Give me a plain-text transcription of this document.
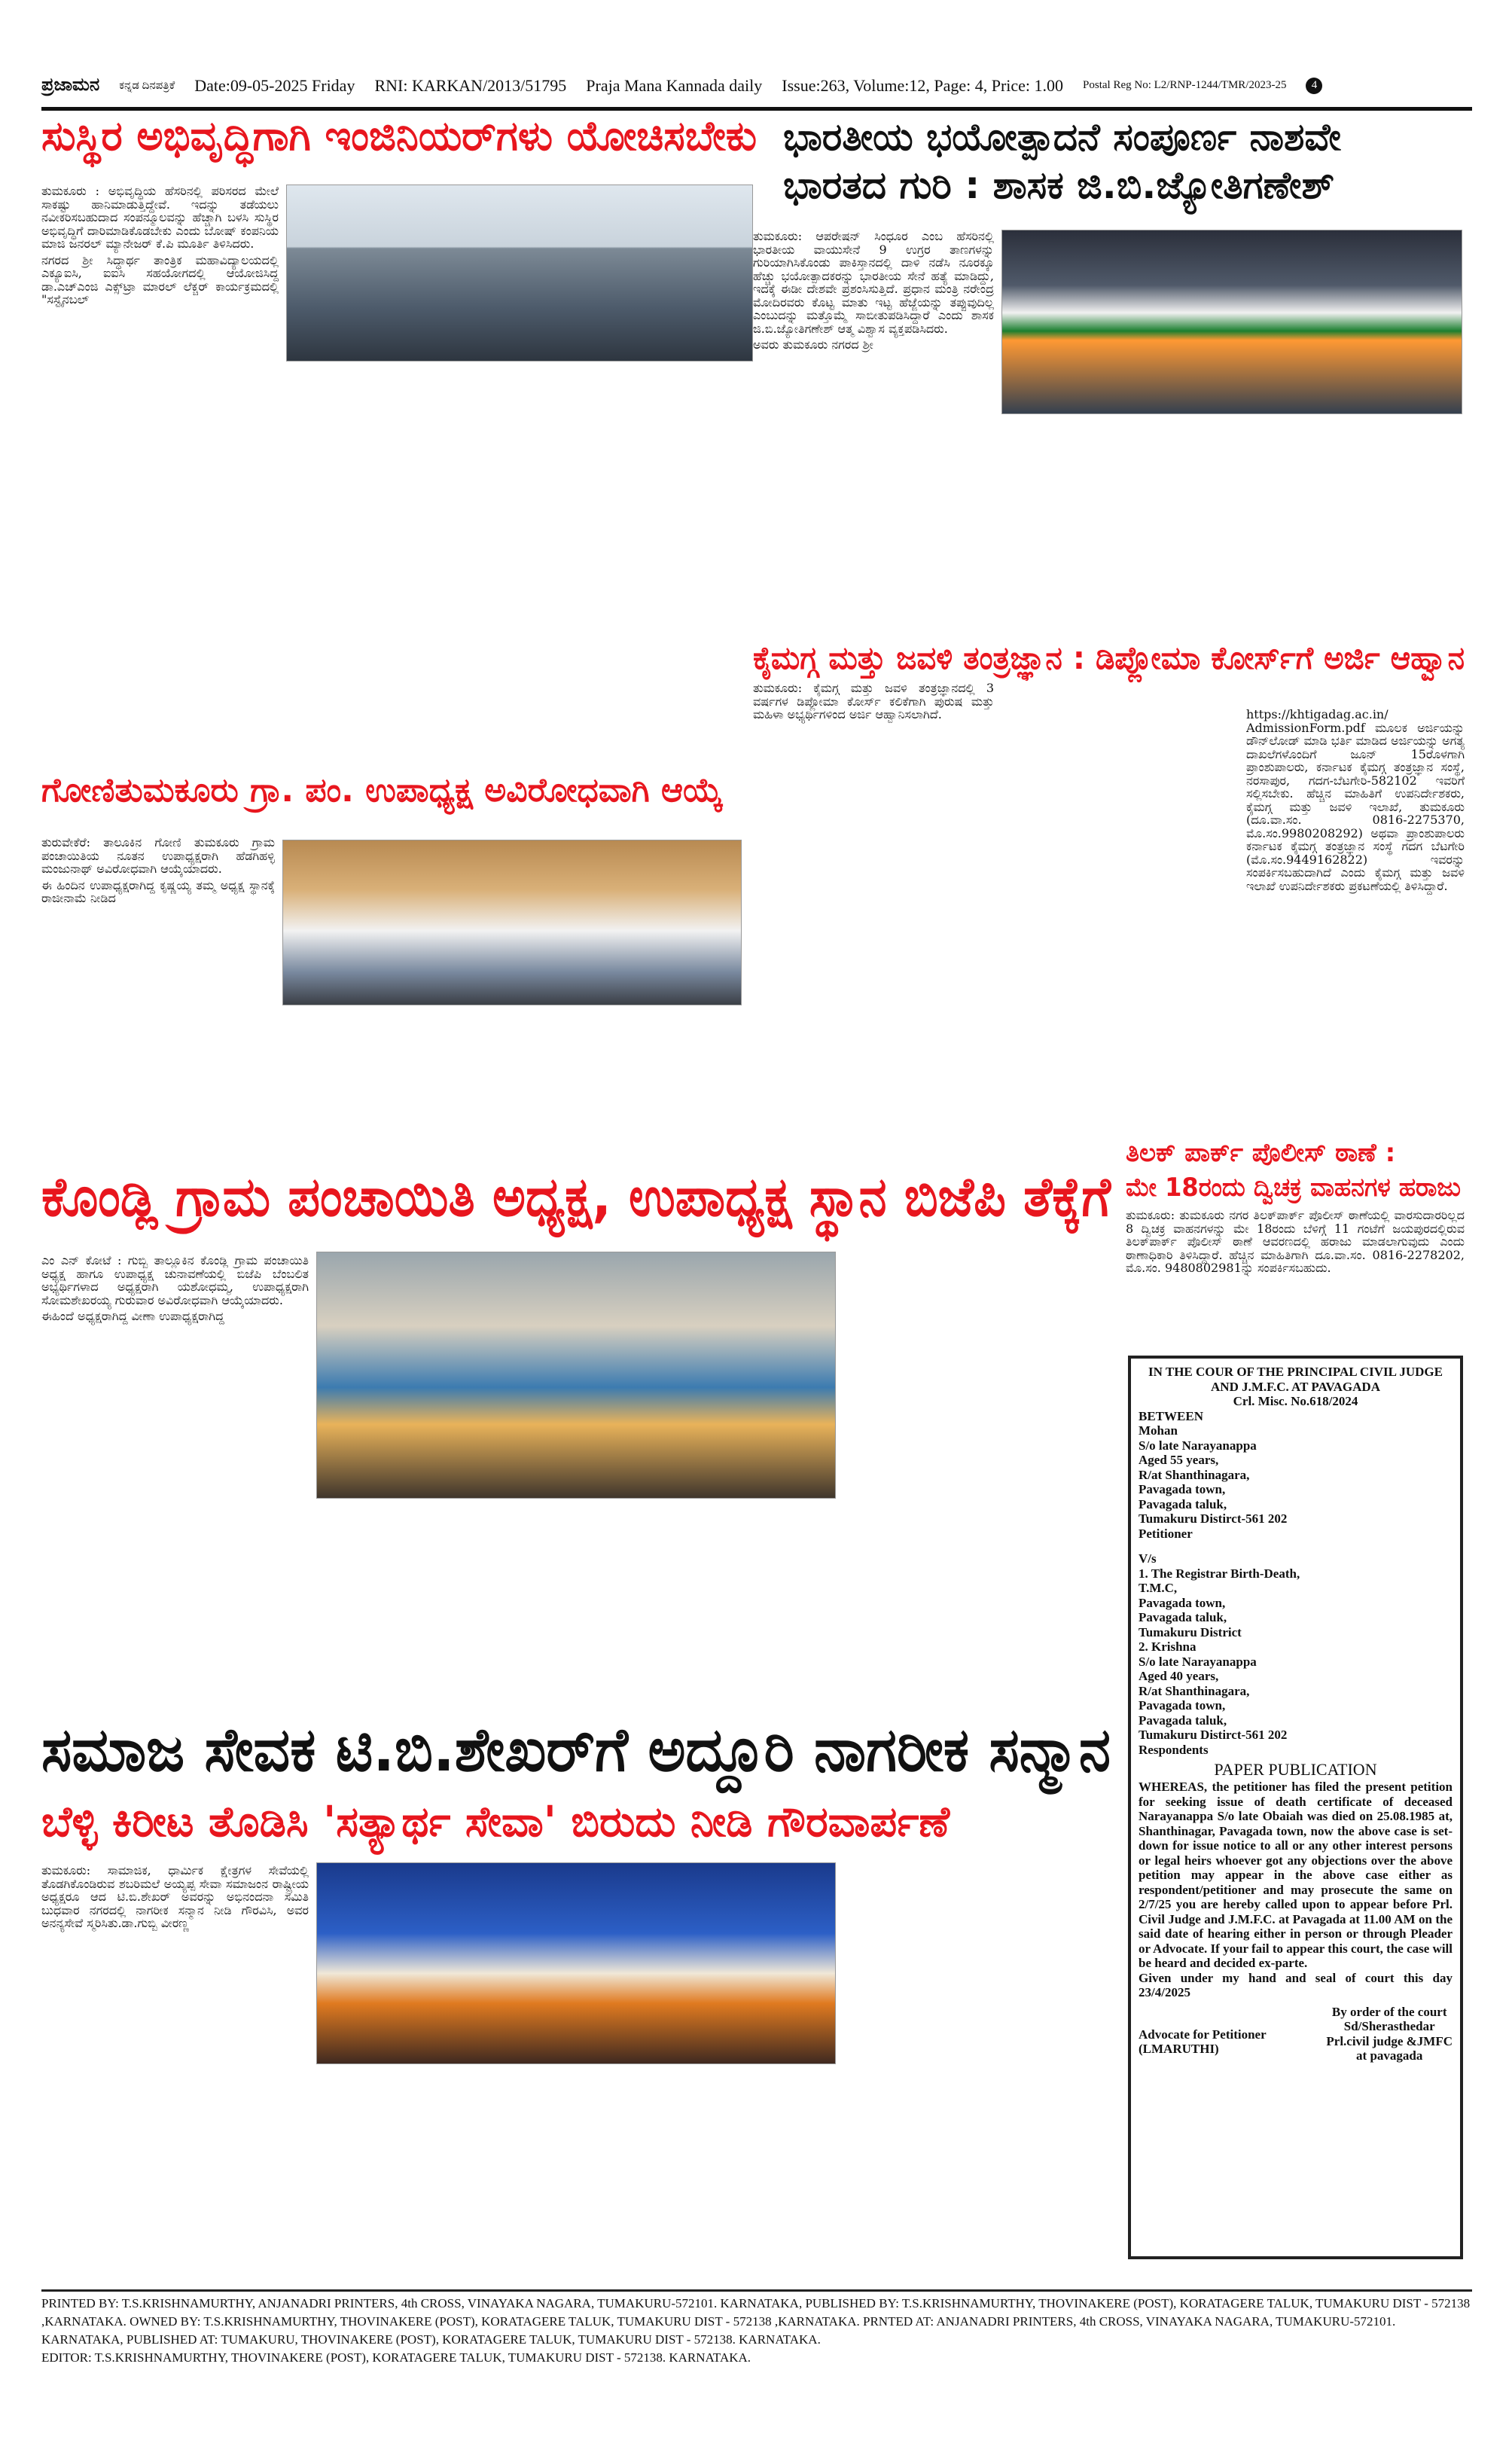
ಪ್ರಜಾಮನ ಕನ್ನಡ ದಿನಪತ್ರಿಕೆ Date:09-05-2025 Friday RNI: KARKAN/2013/51795 Praja Mana Kannada daily Issue:263, Volume:12, Page: 4, Price: 1.00 Postal Reg No: L2/RNP-1244/TMR/2023-25	4
ಸುಸ್ಥಿರ ಅಭಿವೃದ್ಧಿಗಾಗಿ ಇಂಜಿನಿಯರ್‌ಗಳು ಯೋಚಿಸಬೇಕು

ತುಮಕೂರು : ಅಭಿವೃದ್ಧಿಯ ಹೆಸರಿನಲ್ಲಿ ಪರಿಸರದ ಮೇಲೆ ಸಾಕಷ್ಟು ಹಾನಿಮಾಡುತ್ತಿದ್ದೇವೆ. ಇದನ್ನು ತಡೆಯಲು ನವೀಕರಿಸಬಹುದಾದ ಸಂಪನ್ಮೂಲವನ್ನು ಹೆಚ್ಚಾಗಿ ಬಳಸಿ ಸುಸ್ಥಿರ ಅಭಿವೃದ್ಧಿಗೆ ದಾರಿಮಾಡಿಕೊಡಬೇಕು ಎಂದು ಬೋಷ್ ಕಂಪನಿಯ ಮಾಜಿ ಜನರಲ್ ಮ್ಯಾನೇಜರ್ ಕೆ.ಪಿ ಮೂರ್ತಿ ತಿಳಿಸಿದರು.

ನಗರದ ಶ್ರೀ ಸಿದ್ಧಾರ್ಥ ತಾಂತ್ರಿಕ ಮಹಾವಿದ್ಯಾಲಯದಲ್ಲಿ ಎಕ್ಯೂಐಸಿ, ಐಐಸಿ ಸಹಯೋಗದಲ್ಲಿ ಆಯೋಜಿಸಿದ್ದ ಡಾ.ಎಚ್‌ಎಂಜಿ ಎಕ್ಸ್‌ಟ್ರಾ ಮಾರಲ್ ಲೆಕ್ಚರ್ ಕಾರ್ಯಕ್ರಮದಲ್ಲಿ "ಸಸ್ಟೈನಬಲ್

ಭಾರತೀಯ ಭಯೋತ್ಪಾದನೆ ಸಂಪೂರ್ಣ ನಾಶವೇ
ಭಾರತದ ಗುರಿ : ಶಾಸಕ ಜಿ.ಬಿ.ಜ್ಯೋತಿಗಣೇಶ್

ತುಮಕೂರು: ಆಪರೇಷನ್ ಸಿಂಧೂರ ಎಂಬ ಹೆಸರಿನಲ್ಲಿ ಭಾರತೀಯ ವಾಯುಸೇನೆ 9 ಉಗ್ರರ ತಾಣಗಳನ್ನು ಗುರಿಯಾಗಿಸಿಕೊಂಡು ಪಾಕಿಸ್ತಾನದಲ್ಲಿ ದಾಳಿ ನಡೆಸಿ ನೂರಕ್ಕೂ ಹೆಚ್ಚು ಭಯೋತ್ಪಾದಕರನ್ನು ಭಾರತೀಯ ಸೇನೆ ಹತ್ಯೆ ಮಾಡಿದ್ದು, ಇದಕ್ಕೆ ಈಡೀ ದೇಶವೇ ಪ್ರಶಂಸಿಸುತ್ತಿದೆ. ಪ್ರಧಾನ ಮಂತ್ರಿ ನರೇಂದ್ರ ಮೋದಿರವರು ಕೊಟ್ಟ ಮಾತು ಇಟ್ಟ ಹೆಜ್ಜೆಯನ್ನು ತಪ್ಪುವುದಿಲ್ಲ ಎಂಬುದನ್ನು ಮತ್ತೊಮ್ಮೆ ಸಾಬೀತುಪಡಿಸಿದ್ದಾರೆ ಎಂದು ಶಾಸಕ ಜಿ.ಬಿ.ಜ್ಯೋತಿಗಣೇಶ್ ಆತ್ಮ ವಿಶ್ವಾಸ ವ್ಯಕ್ತಪಡಿಸಿದರು.

ಅವರು ತುಮಕೂರು ನಗರದ ಶ್ರೀ

ಕೈಮಗ್ಗ ಮತ್ತು ಜವಳಿ ತಂತ್ರಜ್ಞಾನ : ಡಿಪ್ಲೋಮಾ ಕೋರ್ಸ್‌ಗೆ ಅರ್ಜಿ ಆಹ್ವಾನ

ತುಮಕೂರು: ಕೈಮಗ್ಗ ಮತ್ತು ಜವಳಿ ತಂತ್ರಜ್ಞಾನದಲ್ಲಿ 3 ವರ್ಷಗಳ ಡಿಪ್ಲೋಮಾ ಕೋರ್ಸ್ ಕಲಿಕೆಗಾಗಿ ಪುರುಷ ಮತ್ತು ಮಹಿಳಾ ಅಭ್ಯರ್ಥಿಗಳಿಂದ ಅರ್ಜಿ ಆಹ್ವಾನಿಸಲಾಗಿದೆ.	https://khtigadag.ac.in/ AdmissionForm.pdf ಮೂಲಕ ಅರ್ಜಿಯನ್ನು ಡೌನ್‌ಲೋಡ್ ಮಾಡಿ ಭರ್ತಿ ಮಾಡಿದ ಅರ್ಜಿಯನ್ನು ಅಗತ್ಯ ದಾಖಲೆಗಳೊಂದಿಗೆ ಜೂನ್ 15ರೊಳಗಾಗಿ ಪ್ರಾಂಶುಪಾಲರು, ಕರ್ನಾಟಕ ಕೈಮಗ್ಗ ತಂತ್ರಜ್ಞಾನ ಸಂಸ್ಥೆ, ನರಸಾಪುರ, ಗದಗ-ಬೆಟಗೇರಿ-582102 ಇವರಿಗೆ ಸಲ್ಲಿಸಬೇಕು. ಹೆಚ್ಚಿನ ಮಾಹಿತಿಗೆ ಉಪನಿರ್ದೇಶಕರು, ಕೈಮಗ್ಗ ಮತ್ತು ಜವಳಿ ಇಲಾಖೆ, ತುಮಕೂರು (ದೂ.ವಾ.ಸಂ. 0816-2275370, ಮೊ.ಸಂ.9980208292) ಅಥವಾ ಪ್ರಾಂಶುಪಾಲರು ಕರ್ನಾಟಕ ಕೈಮಗ್ಗ ತಂತ್ರಜ್ಞಾನ ಸಂಸ್ಥೆ ಗದಗ ಬೆಟಗೇರಿ (ಮೊ.ಸಂ.9449162822) ಇವರನ್ನು ಸಂಪರ್ಕಿಸಬಹುದಾಗಿದೆ ಎಂದು ಕೈಮಗ್ಗ ಮತ್ತು ಜವಳಿ ಇಲಾಖೆ ಉಪನಿರ್ದೇಶಕರು ಪ್ರಕಟಣೆಯಲ್ಲಿ ತಿಳಿಸಿದ್ದಾರೆ.

ಗೋಣಿತುಮಕೂರು ಗ್ರಾ. ಪಂ. ಉಪಾಧ್ಯಕ್ಷ ಅವಿರೋಧವಾಗಿ ಆಯ್ಕೆ

ತುರುವೇಕೆರೆ: ತಾಲೂಕಿನ ಗೋಣಿ ತುಮಕೂರು ಗ್ರಾಮ ಪಂಚಾಯಿತಿಯ ನೂತನ ಉಪಾಧ್ಯಕ್ಷರಾಗಿ ಹೆಡಗಿಹಳ್ಳಿ ಮಂಜುನಾಥ್ ಅವಿರೋಧವಾಗಿ ಆಯ್ಕೆಯಾದರು.

ಈ ಹಿಂದಿನ ಉಪಾಧ್ಯಕ್ಷರಾಗಿದ್ದ ಕೃಷ್ಣಯ್ಯ ತಮ್ಮ ಅಧ್ಯಕ್ಷ ಸ್ಥಾನಕ್ಕೆ ರಾಜೀನಾಮೆ ನೀಡಿದ

ತಿಲಕ್ ಪಾರ್ಕ್ ಪೊಲೀಸ್ ಠಾಣೆ :
ಮೇ 18ರಂದು ದ್ವಿಚಕ್ರ ವಾಹನಗಳ ಹರಾಜು

ತುಮಕೂರು: ತುಮಕೂರು ನಗರ ತಿಲಕ್‌ಪಾರ್ಕ್ ಪೊಲೀಸ್ ಠಾಣೆಯಲ್ಲಿ ವಾರಸುದಾರರಿಲ್ಲದ 8 ದ್ವಿಚಕ್ರ ವಾಹನಗಳನ್ನು ಮೇ 18ರಂದು ಬೆಳಿಗ್ಗೆ 11 ಗಂಟೆಗೆ ಜಯಪುರದಲ್ಲಿರುವ ತಿಲಕ್‌ಪಾರ್ಕ್ ಪೊಲೀಸ್ ಠಾಣೆ ಆವರಣದಲ್ಲಿ ಹರಾಜು ಮಾಡಲಾಗುವುದು ಎಂದು ಠಾಣಾಧಿಕಾರಿ ತಿಳಿಸಿದ್ದಾರೆ. ಹೆಚ್ಚಿನ ಮಾಹಿತಿಗಾಗಿ ದೂ.ವಾ.ಸಂ. 0816-2278202, ಮೊ.ಸಂ. 9480802981ನ್ನು ಸಂಪರ್ಕಿಸಬಹುದು.

ಕೊಂಡ್ಲಿ ಗ್ರಾಮ ಪಂಚಾಯಿತಿ ಅಧ್ಯಕ್ಷ, ಉಪಾಧ್ಯಕ್ಷ ಸ್ಥಾನ ಬಿಜೆಪಿ ತೆಕ್ಕೆಗೆ

ಎಂ ಎನ್ ಕೋಟೆ : ಗುಬ್ಬಿ ತಾಲ್ಲೂಕಿನ ಕೊಂಡ್ಲಿ ಗ್ರಾಮ ಪಂಚಾಯಿತಿ ಅಧ್ಯಕ್ಷ ಹಾಗೂ ಉಪಾಧ್ಯಕ್ಷ ಚುನಾವಣೆಯಲ್ಲಿ ಬಿಜೆಪಿ ಬೆಂಬಲಿತ ಅಭ್ಯರ್ಥಿಗಳಾದ ಅಧ್ಯಕ್ಷರಾಗಿ ಯಶೋಧಮ್ಮ, ಉಪಾಧ್ಯಕ್ಷರಾಗಿ ಸೋಮಶೇಖರಯ್ಯ ಗುರುವಾರ ಅವಿರೋಧವಾಗಿ ಆಯ್ಕೆಯಾದರು.

ಈಹಿಂದೆ ಅಧ್ಯಕ್ಷರಾಗಿದ್ದ ವೀಣಾ ಉಪಾಧ್ಯಕ್ಷರಾಗಿದ್ದ

IN THE COUR OF THE PRINCIPAL CIVIL JUDGE AND J.M.F.C. AT PAVAGADA
Crl. Misc. No.618/2024
BETWEEN
Mohan
S/o late Narayanappa
Aged 55 years,
R/at Shanthinagara,
Pavagada town,
Pavagada taluk,
Tumakuru Distirct-561 202
Petitioner
V/s
1. The Registrar Birth-Death,
T.M.C,
Pavagada town,
Pavagada taluk,
Tumakuru District
2. Krishna
S/o late Narayanappa
Aged 40 years,
R/at Shanthinagara,
Pavagada town,
Pavagada taluk,
Tumakuru Distirct-561 202
Respondents
PAPER PUBLICATION
WHEREAS, the petitioner has filed the present petition for seeking issue of death certificate of deceased Narayanappa S/o late Obaiah was died on 25.08.1985 at, Shanthinagar, Pavagada town, now the above case is set-down for issue notice to all or any other interest persons or legal heirs whoever got any objections over the above petition may appear in the above case either as respondent/petitioner and may prosecute the same on 2/7/25 you are hereby called upon to appear before Prl. Civil Judge and J.M.F.C. at Pavagada at 11.00 AM on the said date of hearing either in person or through Pleader or Advocate. If your fail to appear this court, the case will be heard and decided ex-parte.
Given under my hand and seal of court this day 23/4/2025
Advocate for Petitioner
(LMARUTHI)
By order of the court
Sd/Sherasthedar
Prl.civil judge &JMFC
at pavagada
ಸಮಾಜ ಸೇವಕ ಟಿ.ಬಿ.ಶೇಖರ್‌ಗೆ ಅದ್ದೂರಿ ನಾಗರೀಕ ಸನ್ಮಾನ
ಬೆಳ್ಳಿ ಕಿರೀಟ ತೊಡಿಸಿ 'ಸತ್ಯಾರ್ಥ ಸೇವಾ' ಬಿರುದು ನೀಡಿ ಗೌರವಾರ್ಪಣೆ

ತುಮಕೂರು: ಸಾಮಾಜಿಕ, ಧಾರ್ಮಿಕ ಕ್ಷೇತ್ರಗಳ ಸೇವೆಯಲ್ಲಿ ತೊಡಗಿಕೊಂಡಿರುವ ಶಬರಿಮಲೆ ಅಯ್ಯಪ್ಪ ಸೇವಾ ಸಮಾಜಂನ ರಾಷ್ಟ್ರೀಯ ಅಧ್ಯಕ್ಷರೂ ಆದ ಟಿ.ಬಿ.ಶೇಖರ್ ಅವರನ್ನು ಅಭಿನಂದನಾ ಸಮಿತಿ ಬುಧವಾರ ನಗರದಲ್ಲಿ ನಾಗರೀಕ ಸನ್ಮಾನ ನೀಡಿ ಗೌರವಿಸಿ, ಅವರ ಅನನ್ಯಸೇವೆ ಸ್ಮರಿಸಿತು.ಡಾ.ಗುಬ್ಬಿ ವೀರಣ್ಣ

PRINTED BY: T.S.KRISHNAMURTHY, ANJANADRI PRINTERS, 4th CROSS, VINAYAKA NAGARA, TUMAKURU-572101. KARNATAKA, PUBLISHED BY: T.S.KRISHNAMURTHY, THOVINAKERE (POST), KORATAGERE TALUK, TUMAKURU DIST - 572138 ,KARNATAKA. OWNED BY: T.S.KRISHNAMURTHY, THOVINAKERE (POST), KORATAGERE TALUK, TUMAKURU DIST - 572138 ,KARNATAKA. PRNTED AT: ANJANADRI PRINTERS, 4th CROSS, VINAYAKA NAGARA, TUMAKURU-572101. KARNATAKA, PUBLISHED AT: TUMAKURU, THOVINAKERE (POST), KORATAGERE TALUK, TUMAKURU DIST - 572138. KARNATAKA.
EDITOR: T.S.KRISHNAMURTHY, THOVINAKERE (POST), KORATAGERE TALUK, TUMAKURU DIST - 572138. KARNATAKA.
